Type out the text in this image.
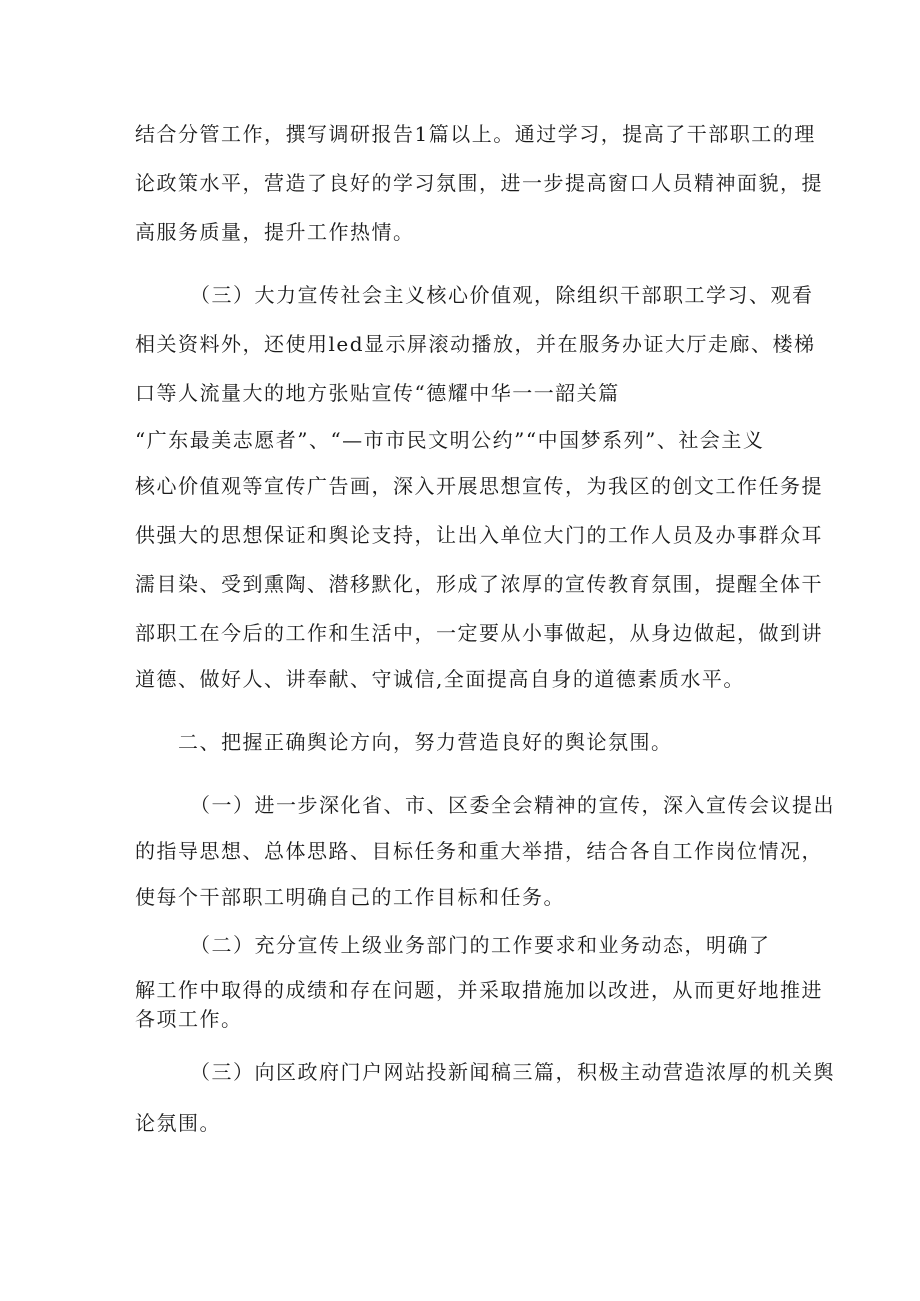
结合分管工作，撰写调研报告1篇以上。通过学习，提高了干部职工的理
论政策水平，营造了良好的学习氛围，进一步提高窗口人员精神面貌，提
高服务质量，提升工作热情。
（三）大力宣传社会主义核心价值观，除组织干部职工学习、观看
相关资料外，还使用led显示屏滚动播放，并在服务办证大厅走廊、楼梯
口等人流量大的地方张贴宣传“德耀中华一一韶关篇
“广东最美志愿者”、“—市市民文明公约”“中国梦系列”、社会主义
核心价值观等宣传广告画，深入开展思想宣传，为我区的创文工作任务提
供强大的思想保证和舆论支持，让出入单位大门的工作人员及办事群众耳
濡目染、受到熏陶、潜移默化，形成了浓厚的宣传教育氛围，提醒全体干
部职工在今后的工作和生活中，一定要从小事做起，从身边做起，做到讲
道德、做好人、讲奉献、守诚信,全面提高自身的道德素质水平。
二、把握正确舆论方向，努力营造良好的舆论氛围。
（一）进一步深化省、市、区委全会精神的宣传，深入宣传会议提出
的指导思想、总体思路、目标任务和重大举措，结合各自工作岗位情况，
使每个干部职工明确自己的工作目标和任务。
（二）充分宣传上级业务部门的工作要求和业务动态，明确了
解工作中取得的成绩和存在问题，并采取措施加以改进，从而更好地推进
各项工作。
（三）向区政府门户网站投新闻稿三篇，积极主动营造浓厚的机关舆
论氛围。
